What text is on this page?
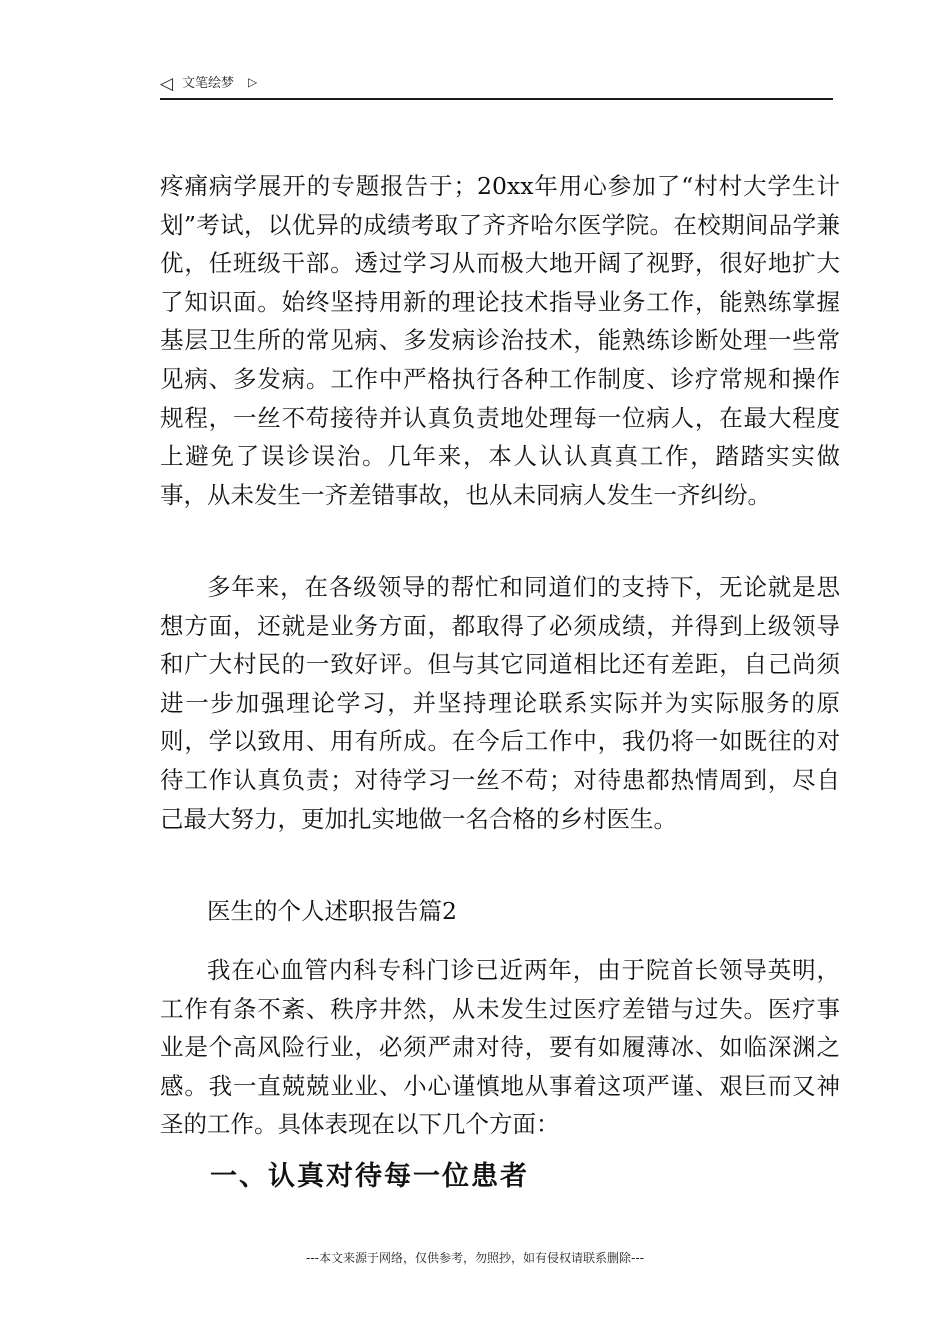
◁ 文笔绘梦 ▷

疼痛病学展开的专题报告于；20xx年用心参加了“村村大学生计划”考试，以优异的成绩考取了齐齐哈尔医学院。在校期间品学兼优，任班级干部。透过学习从而极大地开阔了视野，很好地扩大了知识面。始终坚持用新的理论技术指导业务工作，能熟练掌握基层卫生所的常见病、多发病诊治技术，能熟练诊断处理一些常见病、多发病。工作中严格执行各种工作制度、诊疗常规和操作规程，一丝不苟接待并认真负责地处理每一位病人，在最大程度上避免了误诊误治。几年来，本人认认真真工作，踏踏实实做事，从未发生一齐差错事故，也从未同病人发生一齐纠纷。

多年来，在各级领导的帮忙和同道们的支持下，无论就是思想方面，还就是业务方面，都取得了必须成绩，并得到上级领导和广大村民的一致好评。但与其它同道相比还有差距，自己尚须进一步加强理论学习，并坚持理论联系实际并为实际服务的原则，学以致用、用有所成。在今后工作中，我仍将一如既往的对待工作认真负责；对待学习一丝不苟；对待患都热情周到，尽自己最大努力，更加扎实地做一名合格的乡村医生。

医生的个人述职报告篇2

我在心血管内科专科门诊已近两年，由于院首长领导英明，工作有条不紊、秩序井然，从未发生过医疗差错与过失。医疗事业是个高风险行业，必须严肃对待，要有如履薄冰、如临深渊之感。我一直兢兢业业、小心谨慎地从事着这项严谨、艰巨而又神圣的工作。具体表现在以下几个方面：

一、认真对待每一位患者
---本文来源于网络，仅供参考，勿照抄，如有侵权请联系删除---
